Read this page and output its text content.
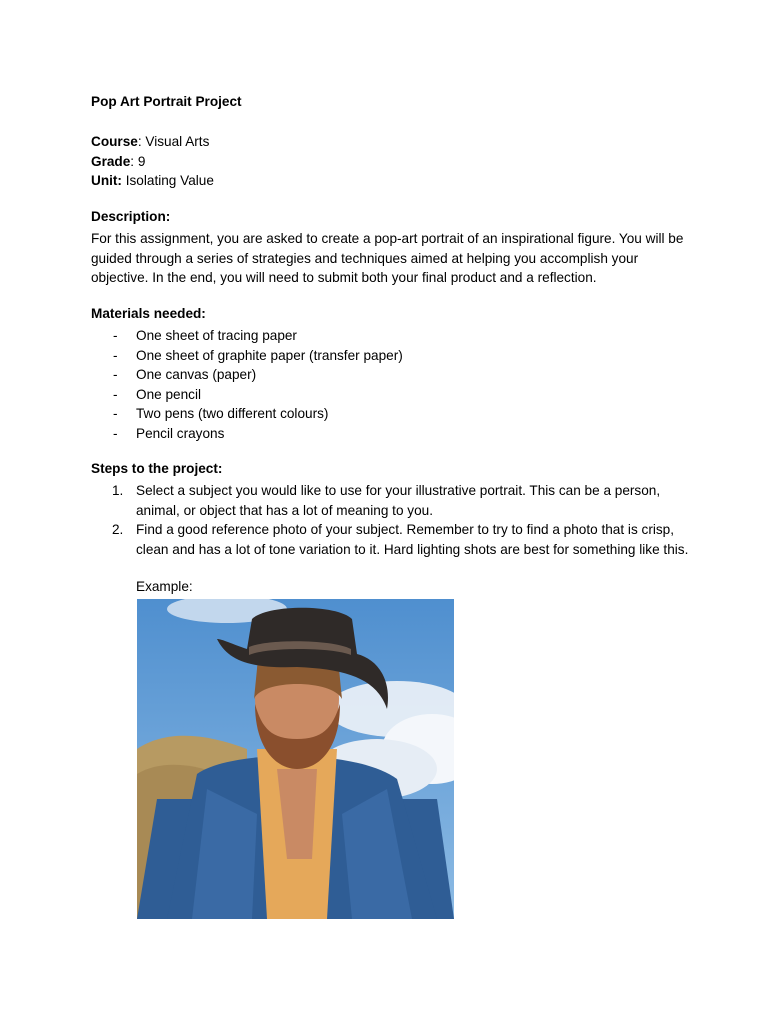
Pop Art Portrait Project
Course: Visual Arts
Grade: 9
Unit: Isolating Value
Description:
For this assignment, you are asked to create a pop-art portrait of an inspirational figure. You will be guided through a series of strategies and techniques aimed at helping you accomplish your objective. In the end, you will need to submit both your final product and a reflection.
Materials needed:
- One sheet of tracing paper
- One sheet of graphite paper (transfer paper)
- One canvas (paper)
- One pencil
- Two pens (two different colours)
- Pencil crayons
Steps to the project:
1. Select a subject you would like to use for your illustrative portrait. This can be a person, animal, or object that has a lot of meaning to you.
2. Find a good reference photo of your subject. Remember to try to find a photo that is crisp, clean and has a lot of tone variation to it. Hard lighting shots are best for something like this.
Example:
